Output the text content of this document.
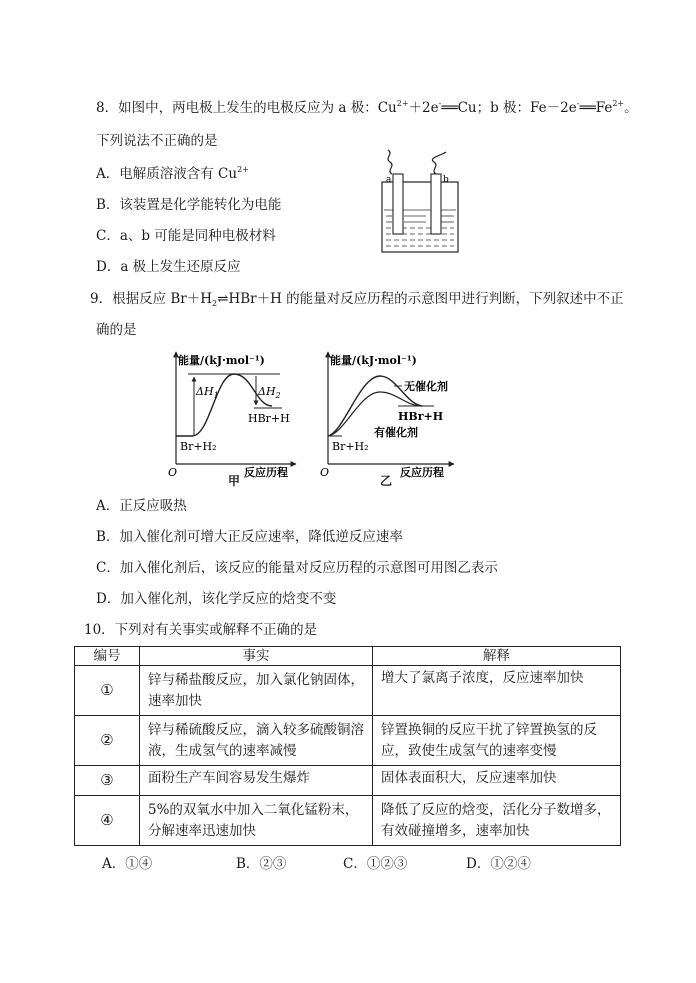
8．如图中，两电极上发生的电极反应为 a 极：$Cu^{2+}+2e^-══Cu$；b 极：$Fe-2e^-══Fe^{2+}$。
下列说法不正确的是
A．电解质溶液含有 $Cu^{2+}$
B．该装置是化学能转化为电能
C．a、b 可能是同种电极材料
D．a 极上发生还原反应
a	b
9．根据反应 $Br+H_2\rightleftharpoons HBr+H$ 的能量对反应历程的示意图甲进行判断，下列叙述中不正
确的是
能量/(kJ·mol⁻¹)
O	反应历程
$\Delta H_1$	$\Delta H_2$
HBr+H
Br+H₂
甲
能量/(kJ·mol⁻¹)
O	反应历程
无催化剂
HBr+H
有催化剂
Br+H₂
乙
A．正反应吸热
B．加入催化剂可增大正反应速率，降低逆反应速率
C．加入催化剂后，该反应的能量对反应历程的示意图可用图乙表示
D．加入催化剂，该化学反应的焓变不变
10．下列对有关事实或解释不正确的是
编号	事实	解释
①	锌与稀盐酸反应，加入氯化钠固体，速率加快	增大了氯离子浓度，反应速率加快
②	锌与稀硫酸反应，滴入较多硫酸铜溶液，生成氢气的速率减慢	锌置换铜的反应干扰了锌置换氢的反应，致使生成氢气的速率变慢
③	面粉生产车间容易发生爆炸	固体表面积大，反应速率加快
④	5%的双氧水中加入二氧化锰粉末，分解速率迅速加快	降低了反应的焓变，活化分子数增多，有效碰撞增多，速率加快
A．①④	B．②③	C．①②③	D．①②④
